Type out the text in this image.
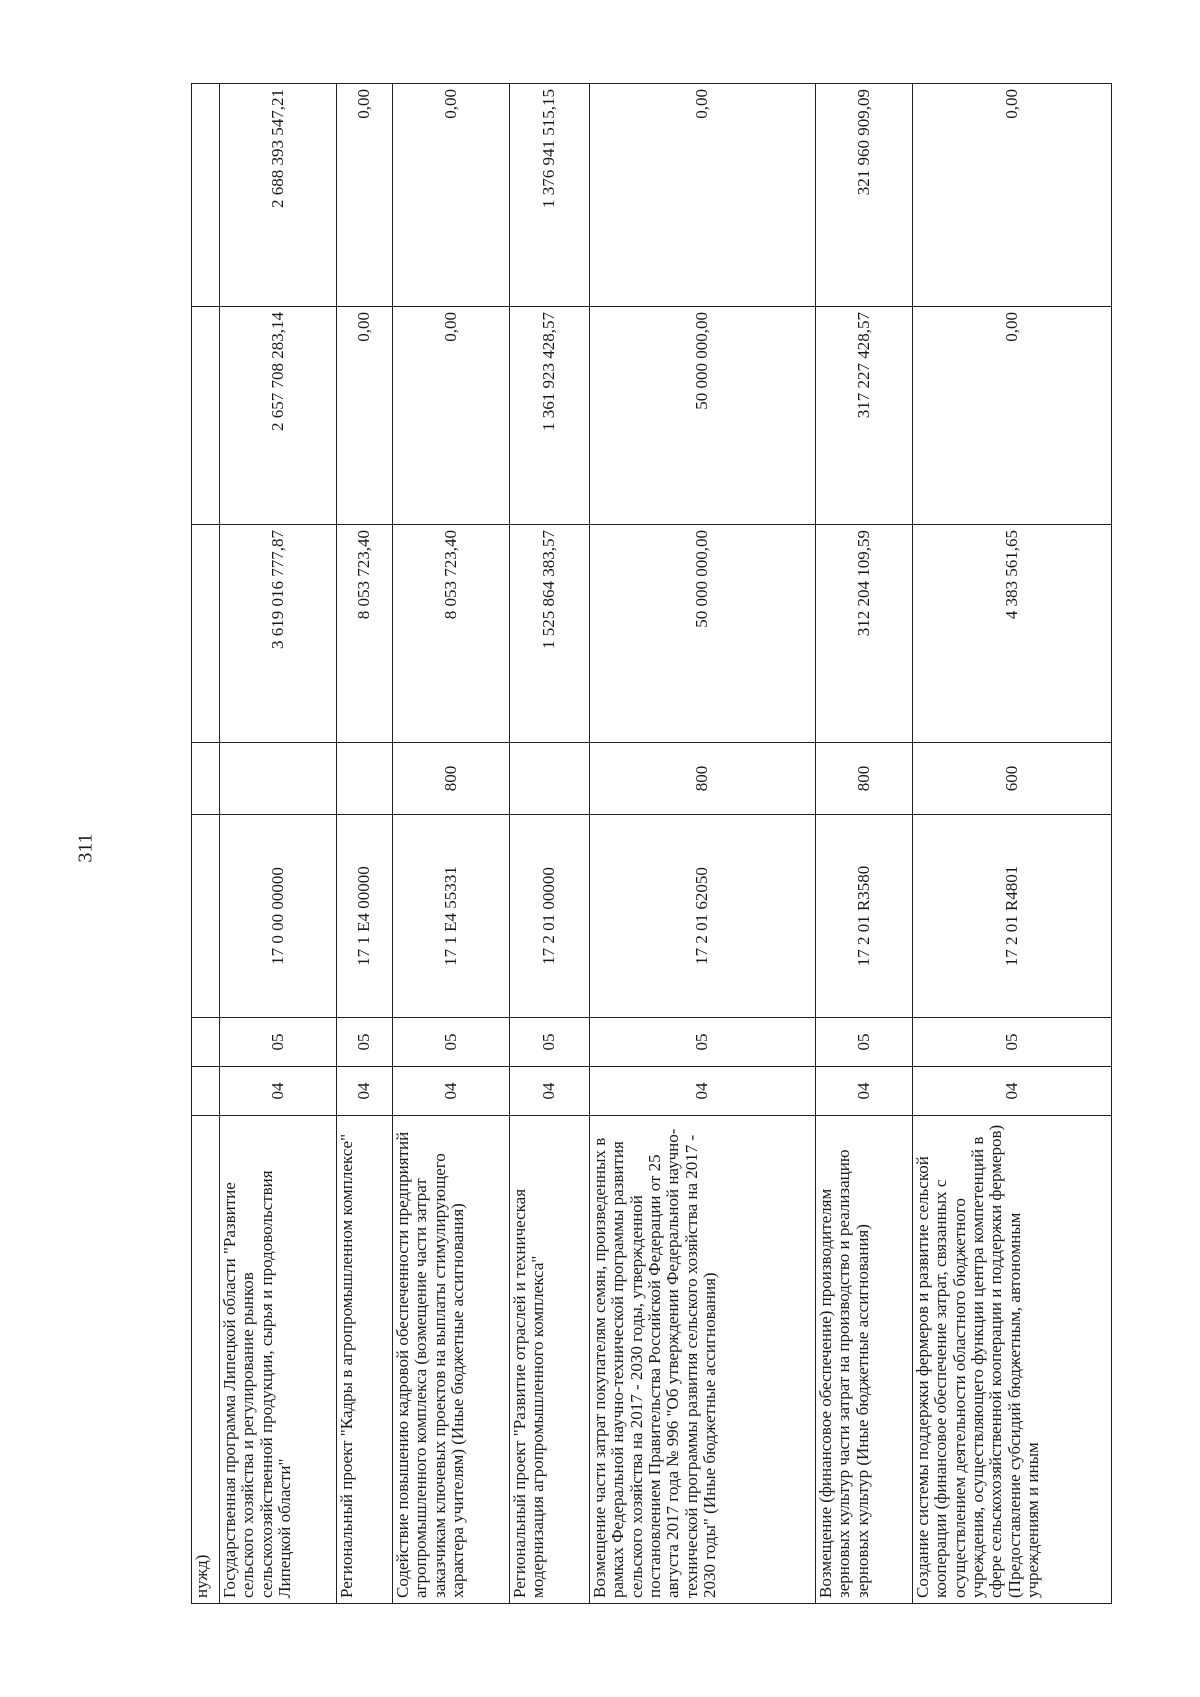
311
нужд)							
Государственная программа Липецкой области "Развитие сельского хозяйства и регулирование рынков сельскохозяйственной продукции, сырья и продовольствия Липецкой области"	04	05	17 0 00 00000		3 619 016 777,87	2 657 708 283,14	2 688 393 547,21
Региональный проект "Кадры в агропромышленном комплексе"	04	05	17 1 E4 00000		8 053 723,40	0,00	0,00
Содействие повышению кадровой обеспеченности предприятий агропромышленного комплекса (возмещение части затрат заказчикам ключевых проектов на выплаты стимулирующего характера учителям) (Иные бюджетные ассигнования)	04	05	17 1 E4 55331	800	8 053 723,40	0,00	0,00
Региональный проект "Развитие отраслей и техническая модернизация агропромышленного комплекса"	04	05	17 2 01 00000		1 525 864 383,57	1 361 923 428,57	1 376 941 515,15
Возмещение части затрат покупателям семян, произведенных в рамках Федеральной научно-технической программы развития сельского хозяйства на 2017 - 2030 годы, утвержденной постановлением Правительства Российской Федерации от 25 августа 2017 года № 996 "Об утверждении Федеральной научно-технической программы развития сельского хозяйства на 2017 - 2030 годы" (Иные бюджетные ассигнования)	04	05	17 2 01 62050	800	50 000 000,00	50 000 000,00	0,00
Возмещение (финансовое обеспечение) производителям зерновых культур части затрат на производство и реализацию зерновых культур (Иные бюджетные ассигнования)	04	05	17 2 01 R3580	800	312 204 109,59	317 227 428,57	321 960 909,09
Создание системы поддержки фермеров и развитие сельской кооперации (финансовое обеспечение затрат, связанных с осуществлением деятельности областного бюджетного учреждения, осуществляющего функции центра компетенций в сфере сельскохозяйственной кооперации и поддержки фермеров) (Предоставление субсидий бюджетным, автономным учреждениям и иным	04	05	17 2 01 R4801	600	4 383 561,65	0,00	0,00
